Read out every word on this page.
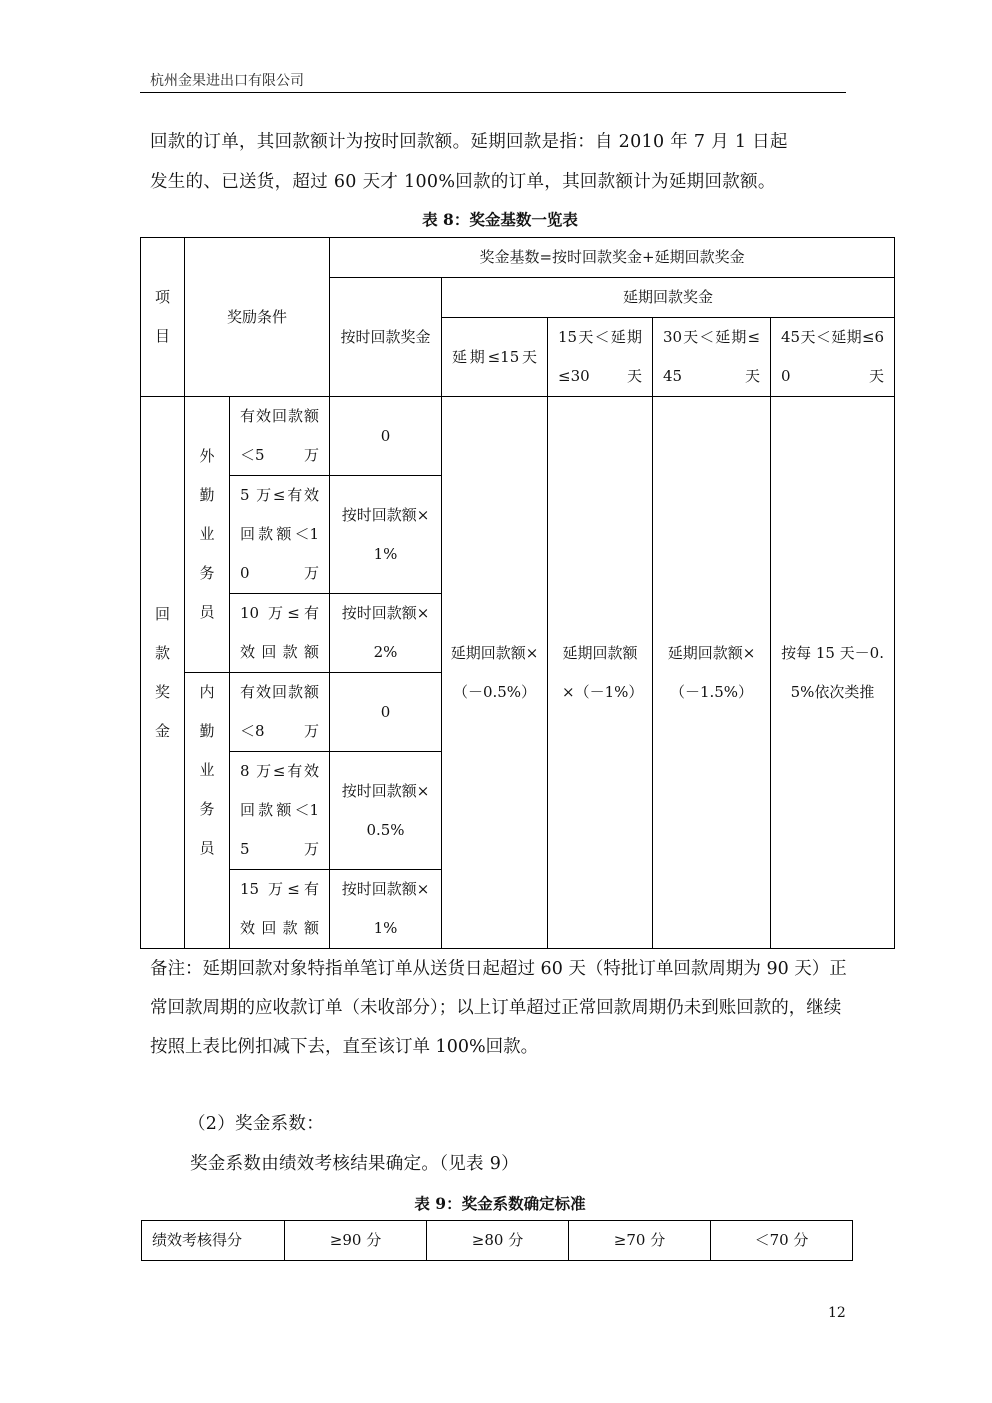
杭州金果进出口有限公司
回款的订单，其回款额计为按时回款额。延期回款是指：自 2010 年 7 月 1 日起
发生的、已送货，超过 60 天才 100%回款的订单，其回款额计为延期回款额。
表 8：奖金基数一览表
项目	奖励条件		奖金基数=按时回款奖金+延期回款奖金				
			按时回款奖金	延期回款奖金			
				延期≤15天	15天＜延期≤30天	30天＜延期≤45天	45天＜延期≤60天
回款奖金	外勤业务员	有效回款额＜5万	0	延期回款额×（－0.5%）	延期回款额×（－1%）	延期回款额×（－1.5%）	按每 15 天－0.5%依次类推
		5 万≤有效回款额＜10万	按时回款额×1%				
		10 万≤有效回款额	按时回款额×2%				

	内勤业务员	有效回款额＜8万	0				
		8 万≤有效回款额＜15万	按时回款额×0.5%				
		15 万≤有效回款额	按时回款额×1%				
备注：延期回款对象特指单笔订单从送货日起超过 60 天（特批订单回款周期为 90 天）正常回款周期的应收款订单（未收部分）；以上订单超过正常回款周期仍未到账回款的，继续按照上表比例扣减下去，直至该订单 100%回款。
（2）奖金系数：
奖金系数由绩效考核结果确定。（见表 9）
表 9：奖金系数确定标准
绩效考核得分	≥90 分	≥80 分	≥70 分	＜70 分
12
